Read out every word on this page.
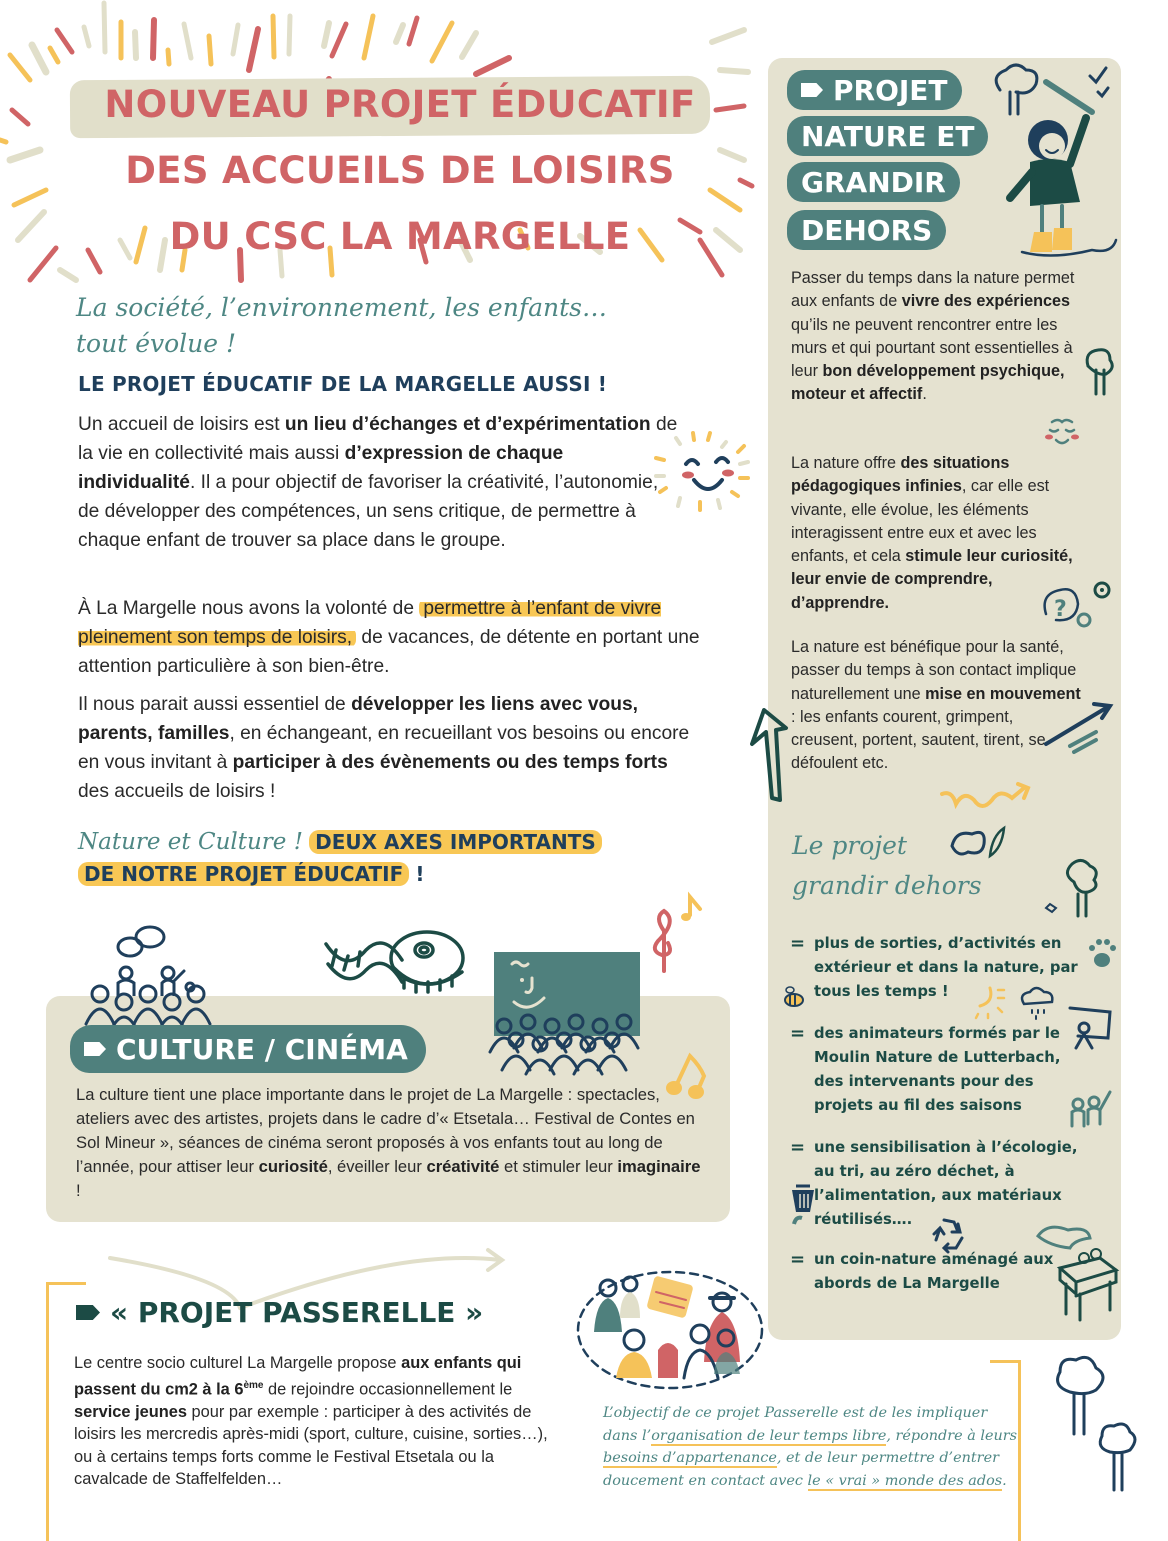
NOUVEAU PROJET ÉDUCATIF
DES ACCUEILS DE LOISIRS
DU CSC LA MARGELLE
La société, l’environnement, les enfants…
tout évolue !
LE PROJET ÉDUCATIF DE LA MARGELLE AUSSI !

Un accueil de loisirs est un lieu d’échanges et d’expérimentation de la vie en collectivité mais aussi d’expression de chaque individualité. Il a pour objectif de favoriser la créativité, l’autonomie, de développer des compétences, un sens critique, de permettre à chaque enfant de trouver sa place dans le groupe.

À La Margelle nous avons la volonté de permettre à l’enfant de vivre pleinement son temps de loisirs, de vacances, de détente en portant une attention particulière à son bien-être.

Il nous parait aussi essentiel de développer les liens avec vous, parents, familles, en échangeant, en recueillant vos besoins ou encore en vous invitant à participer à des évènements ou des temps forts des accueils de loisirs !

Nature et Culture ! DEUX AXES IMPORTANTS
DE NOTRE PROJET ÉDUCATIF !
CULTURE / CINÉMA

La culture tient une place importante dans le projet de La Margelle : spectacles, ateliers avec des artistes, projets dans le cadre d’« Etsetala… Festival de Contes en Sol Mineur », séances de cinéma seront proposés à vos enfants tout au long de l’année, pour attiser leur curiosité, éveiller leur créativité et stimuler leur imaginaire !

« PROJET PASSERELLE »

Le centre socio culturel La Margelle propose aux enfants qui passent du cm2 à la 6ème de rejoindre occasionnellement le service jeunes pour par exemple : participer à des activités de loisirs les mercredis après-midi (sport, culture, cuisine, sorties…), ou à certains temps forts comme le Festival Etsetala ou la cavalcade de Staffelfelden…

L’objectif de ce projet Passerelle est de les impliquer dans l’organisation de leur temps libre, répondre à leurs besoins d’appartenance, et de leur permettre d’entrer doucement en contact avec le « vrai » monde des ados.

PROJET
NATURE ET
GRANDIR
DEHORS

Passer du temps dans la nature permet aux enfants de vivre des expériences qu’ils ne peuvent rencontrer entre les murs et qui pourtant sont essentielles à leur bon développement psychique, moteur et affectif.

La nature offre des situations pédagogiques infinies, car elle est vivante, elle évolue, les éléments interagissent entre eux et avec les enfants, et cela stimule leur curiosité, leur envie de comprendre, d’apprendre.	?

La nature est bénéfique pour la santé, passer du temps à son contact implique naturellement une mise en mouvement : les enfants courent, grimpent, creusent, portent, sautent, tirent, se défoulent etc.

Le projet
grandir dehors
= plus de sorties, d’activités en extérieur et dans la nature, par tous les temps !
= des animateurs formés par le Moulin Nature de Lutterbach, des intervenants pour des projets au fil des saisons
= une sensibilisation à l’écologie, au tri, au zéro déchet, à l’alimentation, aux matériaux réutilisés….
= un coin-nature aménagé aux abords de La Margelle
